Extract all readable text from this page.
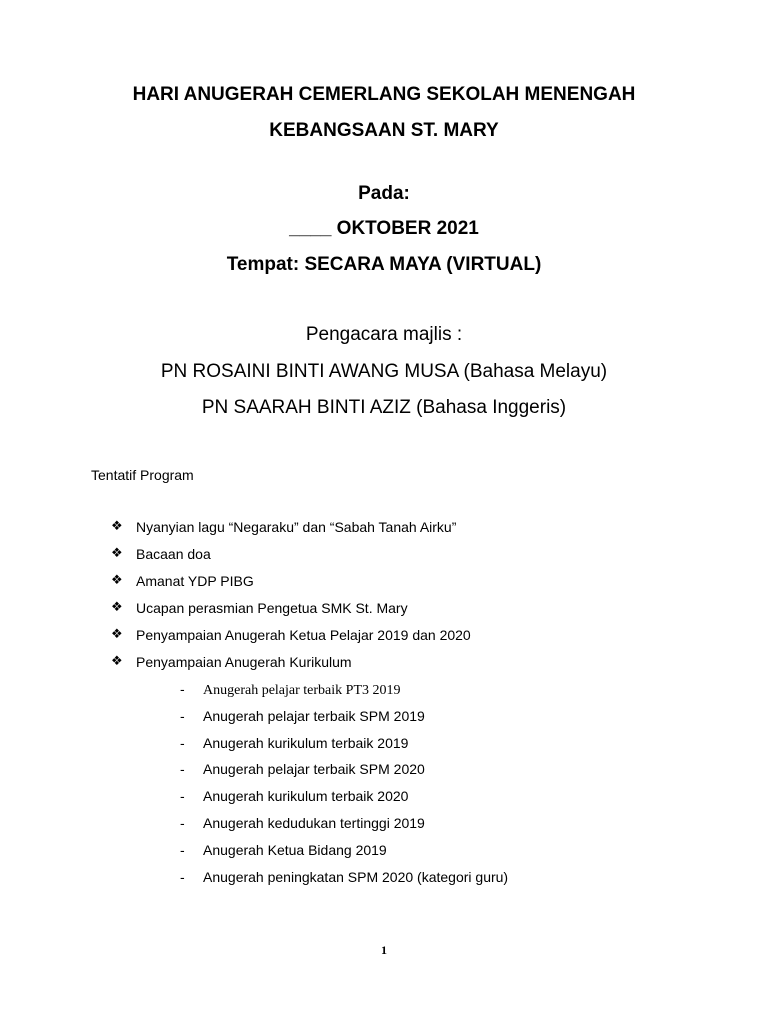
HARI ANUGERAH CEMERLANG SEKOLAH MENENGAH
KEBANGSAAN ST. MARY
Pada:
____ OKTOBER 2021
Tempat: SECARA MAYA (VIRTUAL)
Pengacara majlis :
PN ROSAINI BINTI AWANG MUSA (Bahasa Melayu)
PN SAARAH BINTI AZIZ (Bahasa Inggeris)
Tentatif Program
❖ Nyanyian lagu “Negaraku” dan “Sabah Tanah Airku”
❖ Bacaan doa
❖ Amanat YDP PIBG
❖ Ucapan perasmian Pengetua SMK St. Mary
❖ Penyampaian Anugerah Ketua Pelajar 2019 dan 2020
❖ Penyampaian Anugerah Kurikulum
- Anugerah pelajar terbaik PT3 2019
- Anugerah pelajar terbaik SPM 2019
- Anugerah kurikulum terbaik 2019
- Anugerah pelajar terbaik SPM 2020
- Anugerah kurikulum terbaik 2020
- Anugerah kedudukan tertinggi 2019
- Anugerah Ketua Bidang 2019
- Anugerah peningkatan SPM 2020 (kategori guru)
1
